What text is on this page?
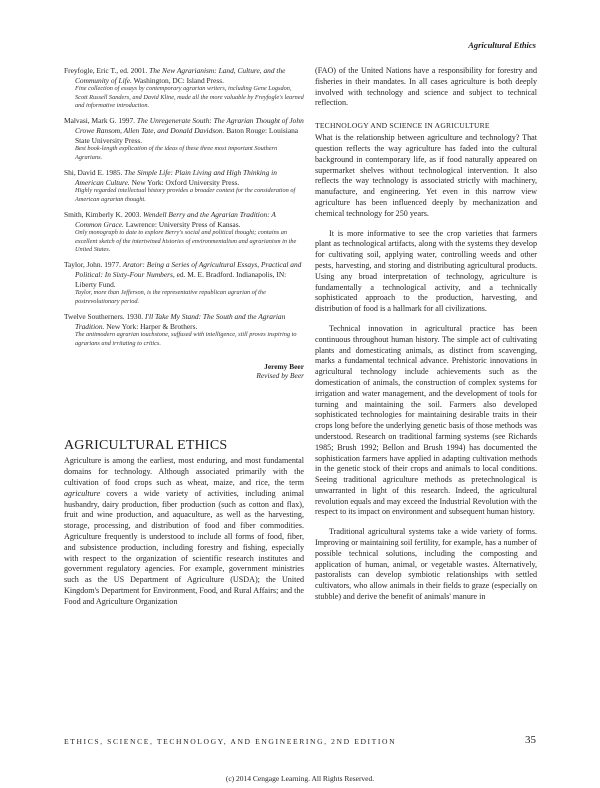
Agricultural Ethics
Freyfogle, Eric T., ed. 2001. The New Agrarianism: Land, Culture, and the Community of Life. Washington, DC: Island Press.
Fine collection of essays by contemporary agrarian writers, including Gene Logsdon, Scott Russell Sanders, and David Kline, made all the more valuable by Freyfogle's learned and informative introduction.
Malvasi, Mark G. 1997. The Unregenerate South: The Agrarian Thought of John Crowe Ransom, Allen Tate, and Donald Davidson. Baton Rouge: Louisiana State University Press.
Best book-length explication of the ideas of these three most important Southern Agrarians.
Shi, David E. 1985. The Simple Life: Plain Living and High Thinking in American Culture. New York: Oxford University Press.
Highly regarded intellectual history provides a broader context for the consideration of American agrarian thought.
Smith, Kimberly K. 2003. Wendell Berry and the Agrarian Tradition: A Common Grace. Lawrence: University Press of Kansas.
Only monograph to date to explore Berry's social and political thought; contains an excellent sketch of the intertwined histories of environmentalism and agrarianism in the United States.
Taylor, John. 1977. Arator: Being a Series of Agricultural Essays, Practical and Political: In Sixty-Four Numbers, ed. M. E. Bradford. Indianapolis, IN: Liberty Fund.
Taylor, more than Jefferson, is the representative republican agrarian of the postrevolutionary period.
Twelve Southerners. 1930. I'll Take My Stand: The South and the Agrarian Tradition. New York: Harper & Brothers.
The antimodern agrarian touchstone, suffused with intelligence, still proves inspiring to agrarians and irritating to critics.
Jeremy Beer
Revised by Beer
AGRICULTURAL ETHICS

Agriculture is among the earliest, most enduring, and most fundamental domains for technology. Although associated primarily with the cultivation of food crops such as wheat, maize, and rice, the term agriculture covers a wide variety of activities, including animal husbandry, dairy production, fiber production (such as cotton and flax), fruit and wine production, and aquaculture, as well as the harvesting, storage, processing, and distribution of food and fiber commodities. Agriculture frequently is understood to include all forms of food, fiber, and subsistence production, including forestry and fishing, especially with respect to the organization of scientific research institutes and government regulatory agencies. For example, government ministries such as the US Department of Agriculture (USDA); the United Kingdom's Department for Environment, Food, and Rural Affairs; and the Food and Agriculture Organization

(FAO) of the United Nations have a responsibility for forestry and fisheries in their mandates. In all cases agriculture is both deeply involved with technology and science and subject to technical reflection.

TECHNOLOGY AND SCIENCE IN AGRICULTURE

What is the relationship between agriculture and technology? That question reflects the way agriculture has faded into the cultural background in contemporary life, as if food naturally appeared on supermarket shelves without technological intervention. It also reflects the way technology is associated strictly with machinery, manufacture, and engineering. Yet even in this narrow view agriculture has been influenced deeply by mechanization and chemical technology for 250 years.

It is more informative to see the crop varieties that farmers plant as technological artifacts, along with the systems they develop for cultivating soil, applying water, controlling weeds and other pests, harvesting, and storing and distributing agricultural products. Using any broad interpretation of technology, agriculture is fundamentally a technological activity, and a technically sophisticated approach to the production, harvesting, and distribution of food is a hallmark for all civilizations.

Technical innovation in agricultural practice has been continuous throughout human history. The simple act of cultivating plants and domesticating animals, as distinct from scavenging, marks a fundamental technical advance. Prehistoric innovations in agricultural technology include achievements such as the domestication of animals, the construction of complex systems for irrigation and water management, and the development of tools for turning and maintaining the soil. Farmers also developed sophisticated technologies for maintaining desirable traits in their crops long before the underlying genetic basis of those methods was understood. Research on traditional farming systems (see Richards 1985; Brush 1992; Bellon and Brush 1994) has documented the sophistication farmers have applied in adapting cultivation methods in the genetic stock of their crops and animals to local conditions. Seeing traditional agriculture methods as pretechnological is unwarranted in light of this research. Indeed, the agricultural revolution equals and may exceed the Industrial Revolution with the respect to its impact on environment and subsequent human history.

Traditional agricultural systems take a wide variety of forms. Improving or maintaining soil fertility, for example, has a number of possible technical solutions, including the composting and application of human, animal, or vegetable wastes. Alternatively, pastoralists can develop symbiotic relationships with settled cultivators, who allow animals in their fields to graze (especially on stubble) and derive the benefit of animals' manure in

ETHICS, SCIENCE, TECHNOLOGY, AND ENGINEERING, 2ND EDITION	35
(c) 2014 Cengage Learning. All Rights Reserved.
